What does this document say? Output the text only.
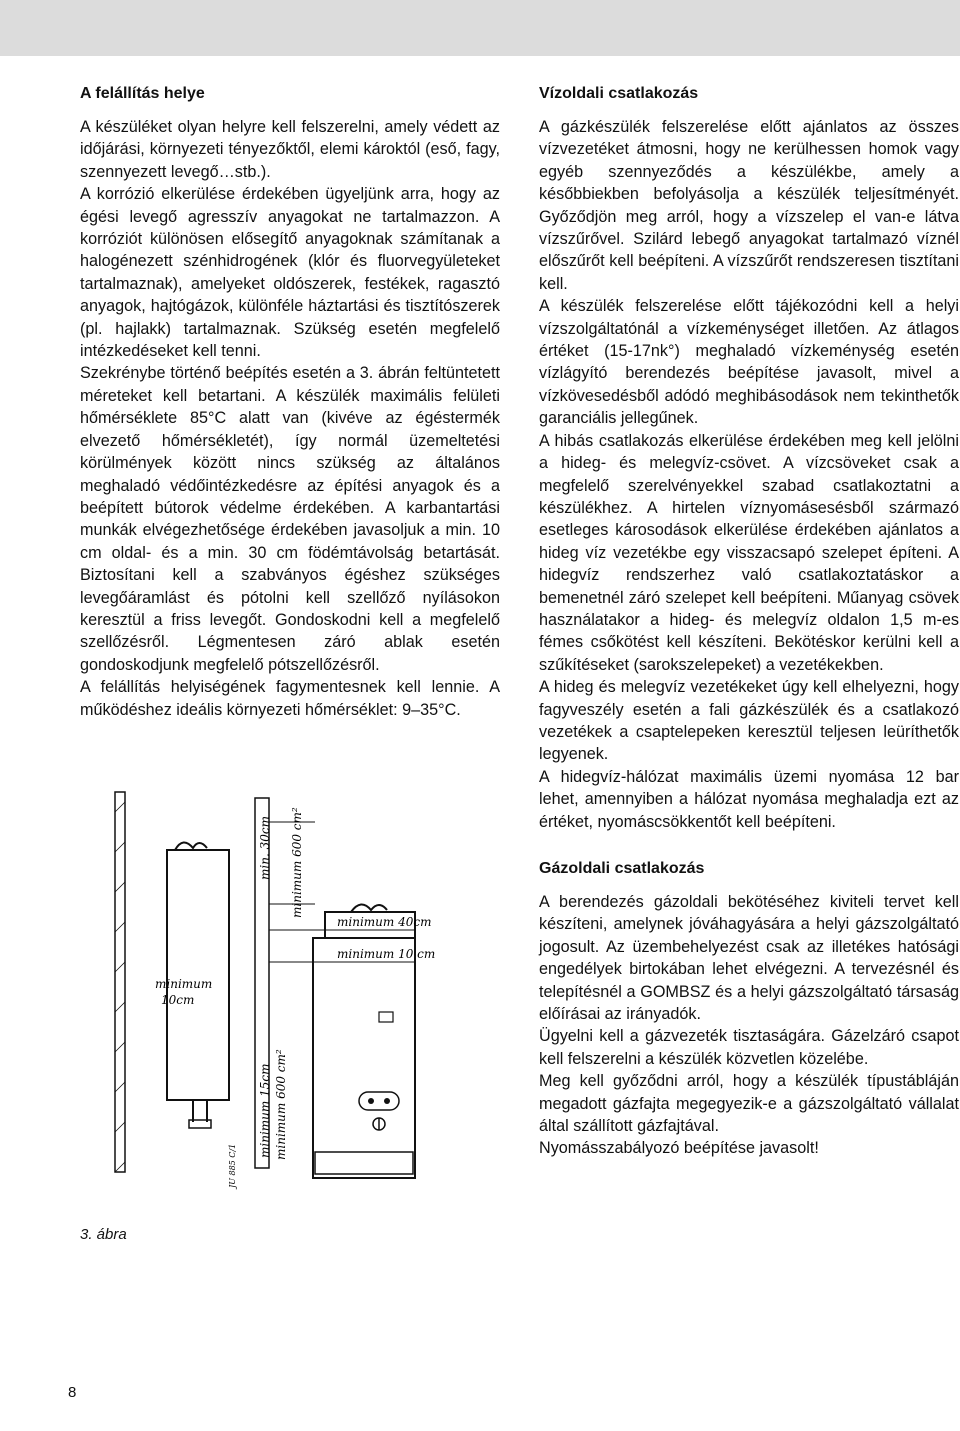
A felállítás helye

A készüléket olyan helyre kell felszerelni, amely védett az időjárási, környezeti tényezőktől, elemi károktól (eső, fagy, szennyezett levegő…stb.).

A korrózió elkerülése érdekében ügyeljünk arra, hogy az égési levegő agresszív anyagokat ne tartalmazzon. A korróziót különösen elősegítő anyagoknak számítanak a halogénezett szénhidrogének (klór és fluorvegyületeket tartalmaznak), amelyeket oldószerek, festékek, ragasztó anyagok, hajtógázok, különféle háztartási és tisztítószerek (pl. hajlakk) tartalmaznak. Szükség esetén megfelelő intézkedéseket kell tenni.

Szekrénybe történő beépítés esetén a 3. ábrán feltüntetett méreteket kell betartani. A készülék maximális felületi hőmérséklete 85°C alatt van (kivéve az égéstermék elvezető hőmérsékletét), így normál üzemeltetési körülmények között nincs szükség az általános meghaladó védőintézkedésre az építési anyagok és a beépített bútorok védelme érdekében. A karbantartási munkák elvégezhetősége érdekében javasoljuk a min. 10 cm oldal- és a min. 30 cm födémtávolság betartását. Biztosítani kell a szabványos égéshez szükséges levegőáramlást és pótolni kell szellőző nyílásokon keresztül a friss levegőt. Gondoskodni kell a megfelelő szellőzésről. Légmentesen záró ablak esetén gondoskodjunk megfelelő pótszellőzésről.

A felállítás helyiségének fagymentesnek kell lennie. A működéshez ideális környezeti hőmérséklet: 9–35°C.

Vízoldali csatlakozás

A gázkészülék felszerelése előtt ajánlatos az összes vízvezetéket átmosni, hogy ne kerülhessen homok vagy egyéb szennyeződés a készülékbe, amely a későbbiekben befolyásolja a készülék teljesítményét. Győződjön meg arról, hogy a vízszelep el van-e látva vízszűrővel. Szilárd lebegő anyagokat tartalmazó víznél előszűrőt kell beépíteni. A vízszűrőt rendszeresen tisztítani kell.

A készülék felszerelése előtt tájékozódni kell a helyi vízszolgáltatónál a vízkeménységet illetően. Az átlagos értéket (15-17nk°) meghaladó vízkeménység esetén vízlágyító berendezés beépítése javasolt, mivel a vízkövesedésből adódó meghibásodások nem tekinthetők garanciális jellegűnek.

A hibás csatlakozás elkerülése érdekében meg kell jelölni a hideg- és melegvíz-csövet. A vízcsöveket csak a megfelelő szerelvényekkel szabad csatlakoztatni a készülékhez. A hirtelen víznyomásesésből származó esetleges károsodások elkerülése érdekében ajánlatos a hideg víz vezetékbe egy visszacsapó szelepet építeni. A hidegvíz rendszerhez való csatlakoztatáskor a bemenetnél záró szelepet kell beépíteni. Műanyag csövek használatakor a hideg- és melegvíz oldalon 1,5 m-es fémes csőkötést kell készíteni. Bekötéskor kerülni kell a szűkítéseket (sarokszelepeket) a vezetékekben.

A hideg és melegvíz vezetékeket úgy kell elhelyezni, hogy fagyveszély esetén a fali gázkészülék és a csatlakozó vezetékek a csaptelepeken keresztül teljesen leüríthetők legyenek.

A hidegvíz-hálózat maximális üzemi nyomása 12 bar lehet, amennyiben a hálózat nyomása meghaladja ezt az értéket, nyomáscsökkentőt kell beépíteni.

Gázoldali csatlakozás

A berendezés gázoldali bekötéséhez kiviteli tervet kell készíteni, amelynek jóváhagyására a helyi gázszolgáltató jogosult. Az üzembehelyezést csak az illetékes hatósági engedélyek birtokában lehet elvégezni. A tervezésnél és telepítésnél a GOMBSZ és a helyi gázszolgáltató társaság előírásai az irányadók.

Ügyelni kell a gázvezeték tisztaságára. Gázelzáró csapot kell felszerelni a készülék közvetlen közelébe.

Meg kell győződni arról, hogy a készülék típustábláján megadott gázfajta megegyezik-e a gázszolgáltató vállalat által szállított gázfajtával.

Nyomásszabályozó beépítése javasolt!

min. 30cm minimum 600 cm²
minimum 40cm
minimum 10 cm
minimum
10cm
minimum 15cm minimum 600 cm²
JU 885 C/1
3. ábra
8
